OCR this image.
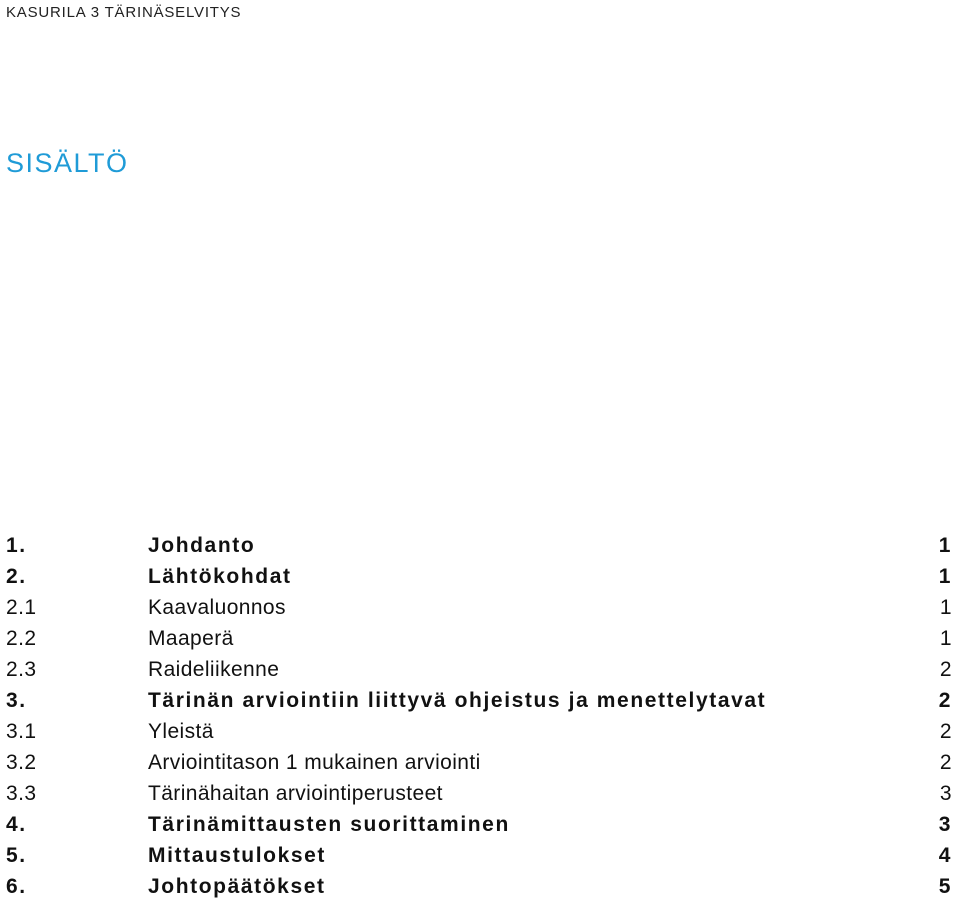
KASURILA 3 TÄRINÄSELVITYS
SISÄLTÖ
1.	Johdanto	1
2.	Lähtökohdat	1
2.1	Kaavaluonnos	1
2.2	Maaperä	1
2.3	Raideliikenne	2
3.	Tärinän arviointiin liittyvä ohjeistus ja menettelytavat	2
3.1	Yleistä	2
3.2	Arviointitason 1 mukainen arviointi	2
3.3	Tärinähaitan arviointiperusteet	3
4.	Tärinämittausten suorittaminen	3
5.	Mittaustulokset	4
6.	Johtopäätökset	5
